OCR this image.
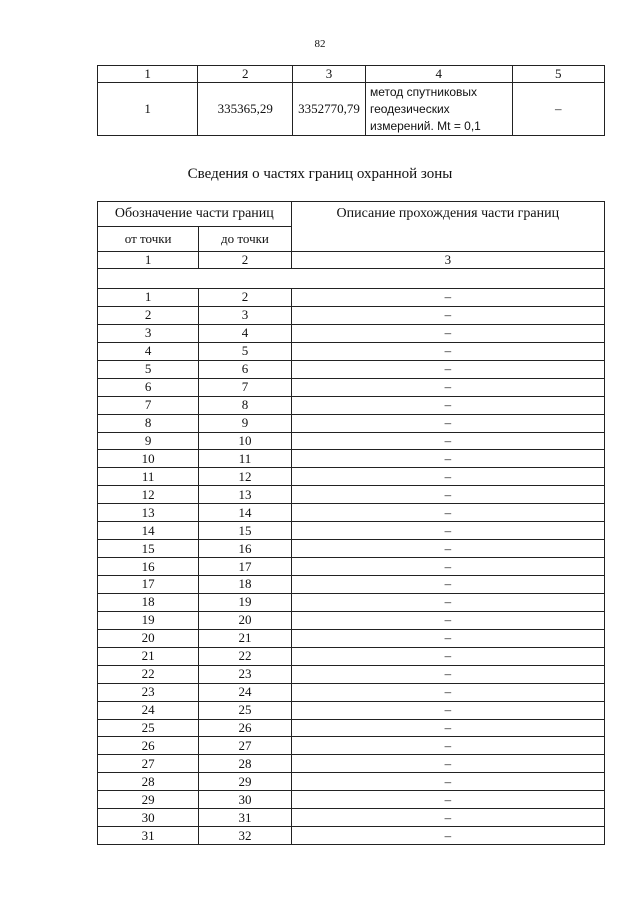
82
1	2	3	4	5
1	335365,29	3352770,79	метод спутниковых
геодезических
измерений. Mt = 0,1	–
Сведения о частях границ охранной зоны
Обозначение части границ		Описание прохождения части границ
от точки	до точки	
1	2	3

1	2	–
2	3	–
3	4	–
4	5	–
5	6	–
6	7	–
7	8	–
8	9	–
9	10	–
10	11	–
11	12	–
12	13	–
13	14	–
14	15	–
15	16	–
16	17	–
17	18	–
18	19	–
19	20	–
20	21	–
21	22	–
22	23	–
23	24	–
24	25	–
25	26	–
26	27	–
27	28	–
28	29	–
29	30	–
30	31	–
31	32	–
